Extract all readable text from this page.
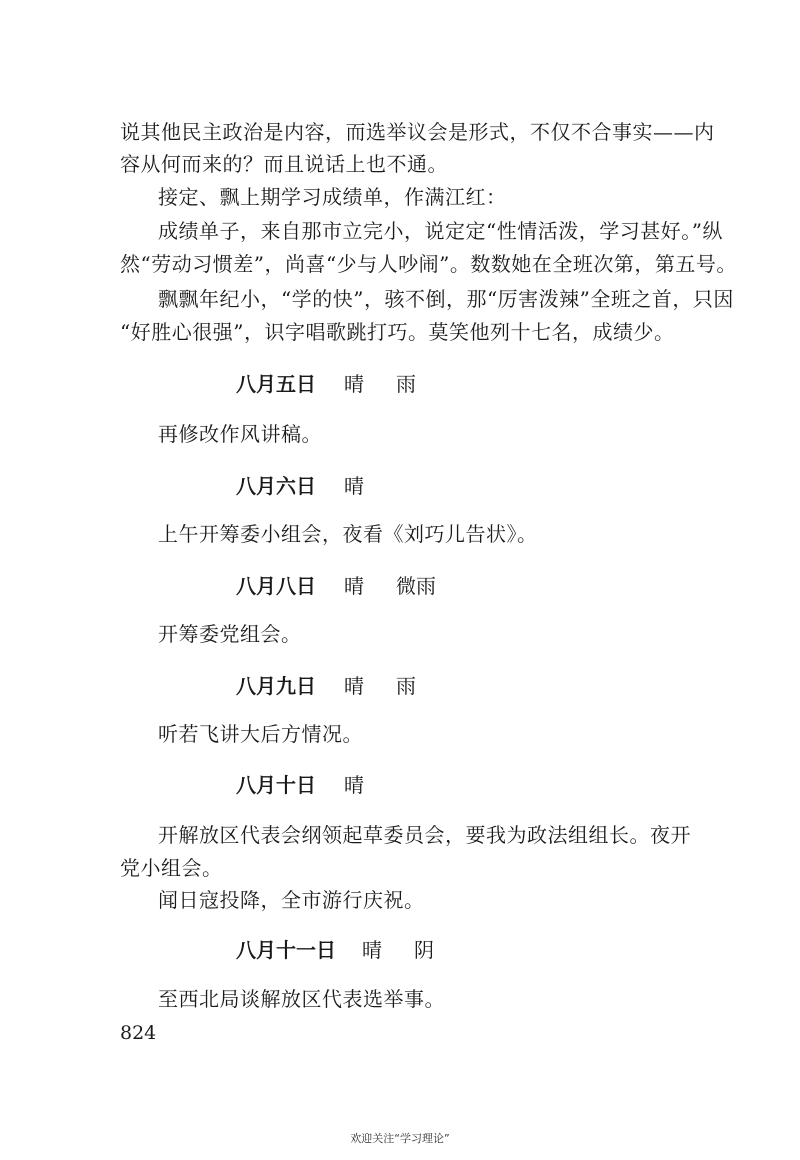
说其他民主政治是内容，而选举议会是形式，不仅不合事实——内
容从何而来的？而且说话上也不通。
接定、飘上期学习成绩单，作满江红：
成绩单子，来自那市立完小，说定定“性情活泼，学习甚好。”纵
然“劳动习惯差”，尚喜“少与人吵闹”。数数她在全班次第，第五号。
飘飘年纪小，“学的快”，骇不倒，那“厉害泼辣”全班之首，只因
“好胜心很强”，识字唱歌跳打巧。莫笑他列十七名，成绩少。
八月五日 晴 雨
再修改作风讲稿。
八月六日 晴
上午开筹委小组会，夜看《刘巧儿告状》。
八月八日 晴 微雨
开筹委党组会。
八月九日 晴 雨
听若飞讲大后方情况。
八月十日 晴
开解放区代表会纲领起草委员会，要我为政法组组长。夜开
党小组会。
闻日寇投降，全市游行庆祝。
八月十一日 晴 阴
至西北局谈解放区代表选举事。
824
欢迎关注“学习理论”
